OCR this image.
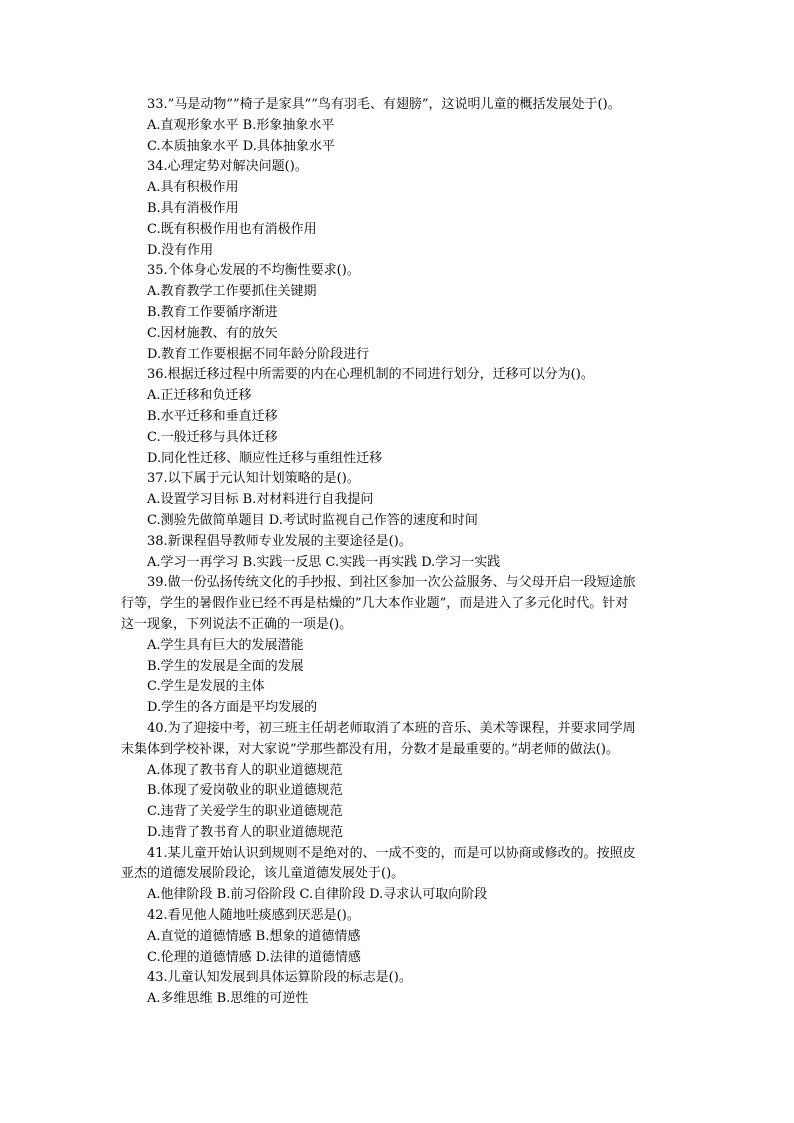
33.”马是动物””椅子是家具””鸟有羽毛、有翅膀”，这说明儿童的概括发展处于()。
A.直观形象水平 B.形象抽象水平
C.本质抽象水平 D.具体抽象水平
34.心理定势对解决问题()。
A.具有积极作用
B.具有消极作用
C.既有积极作用也有消极作用
D.没有作用
35.个体身心发展的不均衡性要求()。
A.教育教学工作要抓住关键期
B.教育工作要循序渐进
C.因材施教、有的放矢
D.教育工作要根据不同年龄分阶段进行
36.根据迁移过程中所需要的内在心理机制的不同进行划分，迁移可以分为()。
A.正迁移和负迁移
B.水平迁移和垂直迁移
C.一般迁移与具体迁移
D.同化性迁移、顺应性迁移与重组性迁移
37.以下属于元认知计划策略的是()。
A.设置学习目标 B.对材料进行自我提问
C.测验先做简单题目 D.考试时监视自己作答的速度和时间
38.新课程倡导教师专业发展的主要途径是()。
A.学习一再学习 B.实践一反思 C.实践一再实践 D.学习一实践
39.做一份弘扬传统文化的手抄报、到社区参加一次公益服务、与父母开启一段短途旅
行等，学生的暑假作业已经不再是枯燥的”几大本作业题”，而是进入了多元化时代。针对
这一现象，下列说法不正确的一项是()。
A.学生具有巨大的发展潜能
B.学生的发展是全面的发展
C.学生是发展的主体
D.学生的各方面是平均发展的
40.为了迎接中考，初三班主任胡老师取消了本班的音乐、美术等课程，并要求同学周
末集体到学校补课，对大家说”学那些都没有用，分数才是最重要的。”胡老师的做法()。
A.体现了教书育人的职业道德规范
B.体现了爱岗敬业的职业道德规范
C.违背了关爱学生的职业道德规范
D.违背了教书育人的职业道德规范
41.某儿童开始认识到规则不是绝对的、一成不变的，而是可以协商或修改的。按照皮
亚杰的道德发展阶段论，该儿童道德发展处于()。
A.他律阶段 B.前习俗阶段 C.自律阶段 D.寻求认可取向阶段
42.看见他人随地吐痰感到厌恶是()。
A.直觉的道德情感 B.想象的道德情感
C.伦理的道德情感 D.法律的道德情感
43.儿童认知发展到具体运算阶段的标志是()。
A.多维思维 B.思维的可逆性
